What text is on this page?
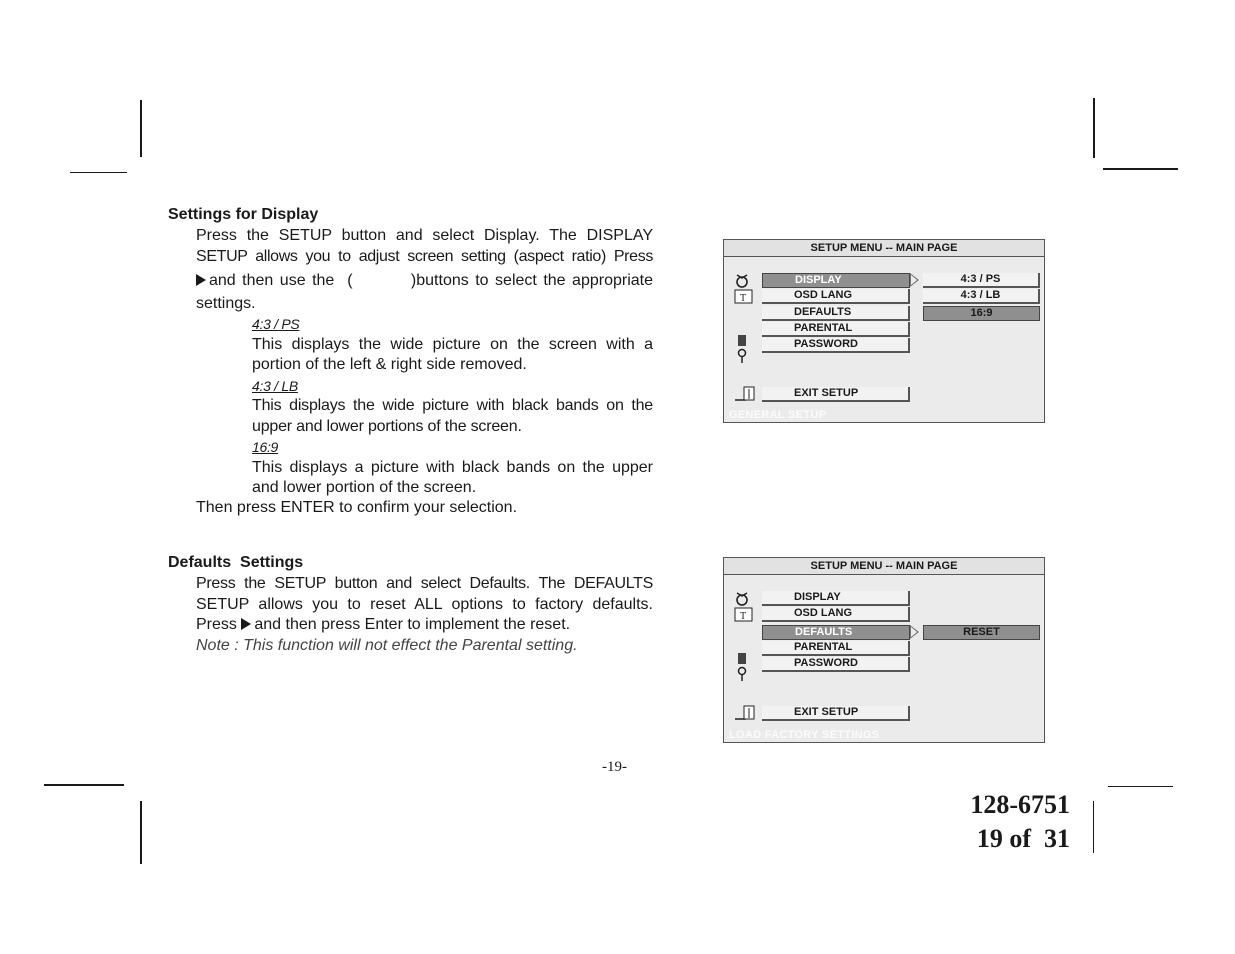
Settings for Display

Press the SETUP button and select Display. The DISPLAY
SETUP allows you to adjust screen setting (aspect ratio) Press
and then use the  (         )buttons to select the appropriate
settings.

4:3 / PS
This displays the wide picture on the screen with a portion of the left & right side removed.
4:3 / LB
This displays the wide picture with black bands on the upper and lower portions of the screen.
16:9
This displays a picture with black bands on the upper and lower portion of the screen.

Then press ENTER to confirm your selection.

Defaults  Settings

Press the SETUP button and select Defaults. The DEFAULTS
SETUP allows you to reset ALL options to factory defaults.
Press and then press Enter to implement the reset.
Note : This function will not effect the Parental setting.

SETUP MENU -- MAIN PAGE
T
DISPLAY
OSD LANG
DEFAULTS
PARENTAL
PASSWORD
EXIT SETUP
4:3 / PS
4:3 / LB
16:9
GENERAL SETUP
SETUP MENU -- MAIN PAGE
T
DISPLAY
OSD LANG
DEFAULTS
PARENTAL
PASSWORD
EXIT SETUP
RESET
LOAD FACTORY SETTINGS
-19-
128-6751
19 of  31
